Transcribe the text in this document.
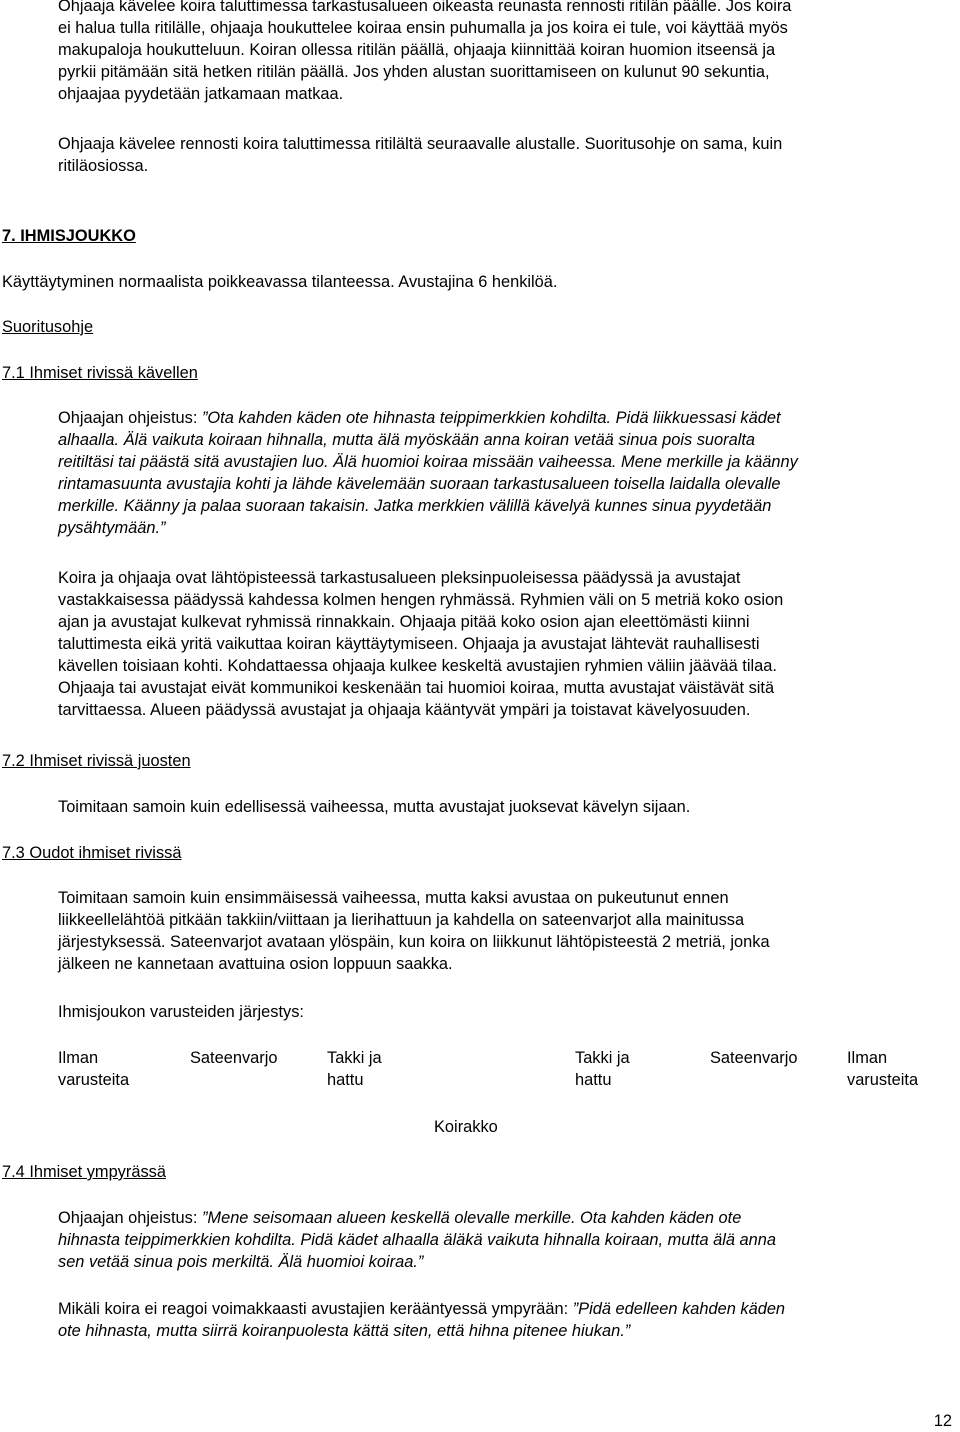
Ohjaaja kävelee koira taluttimessa tarkastusalueen oikeasta reunasta rennosti ritilän päälle. Jos koira
ei halua tulla ritilälle, ohjaaja houkuttelee koiraa ensin puhumalla ja jos koira ei tule, voi käyttää myös
makupaloja houkutteluun. Koiran ollessa ritilän päällä, ohjaaja kiinnittää koiran huomion itseensä ja
pyrkii pitämään sitä hetken ritilän päällä. Jos yhden alustan suorittamiseen on kulunut 90 sekuntia,
ohjaajaa pyydetään jatkamaan matkaa.
Ohjaaja kävelee rennosti koira taluttimessa ritilältä seuraavalle alustalle. Suoritusohje on sama, kuin
ritiläosiossa.
7. IHMISJOUKKO
Käyttäytyminen normaalista poikkeavassa tilanteessa. Avustajina 6 henkilöä.
Suoritusohje
7.1 Ihmiset rivissä kävellen
Ohjaajan ohjeistus: ”Ota kahden käden ote hihnasta teippimerkkien kohdilta. Pidä liikkuessasi kädet
alhaalla. Älä vaikuta koiraan hihnalla, mutta älä myöskään anna koiran vetää sinua pois suoralta
reitiltäsi tai päästä sitä avustajien luo. Älä huomioi koiraa missään vaiheessa. Mene merkille ja käänny
rintamasuunta avustajia kohti ja lähde kävelemään suoraan tarkastusalueen toisella laidalla olevalle
merkille. Käänny ja palaa suoraan takaisin. Jatka merkkien välillä kävelyä kunnes sinua pyydetään
pysähtymään.”
Koira ja ohjaaja ovat lähtöpisteessä tarkastusalueen pleksinpuoleisessa päädyssä ja avustajat
vastakkaisessa päädyssä kahdessa kolmen hengen ryhmässä. Ryhmien väli on 5 metriä koko osion
ajan ja avustajat kulkevat ryhmissä rinnakkain. Ohjaaja pitää koko osion ajan eleettömästi kiinni
taluttimesta eikä yritä vaikuttaa koiran käyttäytymiseen. Ohjaaja ja avustajat lähtevät rauhallisesti
kävellen toisiaan kohti. Kohdattaessa ohjaaja kulkee keskeltä avustajien ryhmien väliin jäävää tilaa.
Ohjaaja tai avustajat eivät kommunikoi keskenään tai huomioi koiraa, mutta avustajat väistävät sitä
tarvittaessa. Alueen päädyssä avustajat ja ohjaaja kääntyvät ympäri ja toistavat kävelyosuuden.
7.2 Ihmiset rivissä juosten
Toimitaan samoin kuin edellisessä vaiheessa, mutta avustajat juoksevat kävelyn sijaan.
7.3 Oudot ihmiset rivissä
Toimitaan samoin kuin ensimmäisessä vaiheessa, mutta kaksi avustaa on pukeutunut ennen
liikkeellelähtöä pitkään takkiin/viittaan ja lierihattuun ja kahdella on sateenvarjot alla mainitussa
järjestyksessä. Sateenvarjot avataan ylöspäin, kun koira on liikkunut lähtöpisteestä 2 metriä, jonka
jälkeen ne kannetaan avattuina osion loppuun saakka.
Ihmisjoukon varusteiden järjestys:
Ilman
varusteita
Sateenvarjo	Takki ja
hattu
Takki ja
hattu
Sateenvarjo	Ilman
varusteita
Koirakko
7.4 Ihmiset ympyrässä
Ohjaajan ohjeistus: ”Mene seisomaan alueen keskellä olevalle merkille. Ota kahden käden ote
hihnasta teippimerkkien kohdilta. Pidä kädet alhaalla äläkä vaikuta hihnalla koiraan, mutta älä anna
sen vetää sinua pois merkiltä. Älä huomioi koiraa.”
Mikäli koira ei reagoi voimakkaasti avustajien kerääntyessä ympyrään: ”Pidä edelleen kahden käden
ote hihnasta, mutta siirrä koiranpuolesta kättä siten, että hihna pitenee hiukan.”
12
